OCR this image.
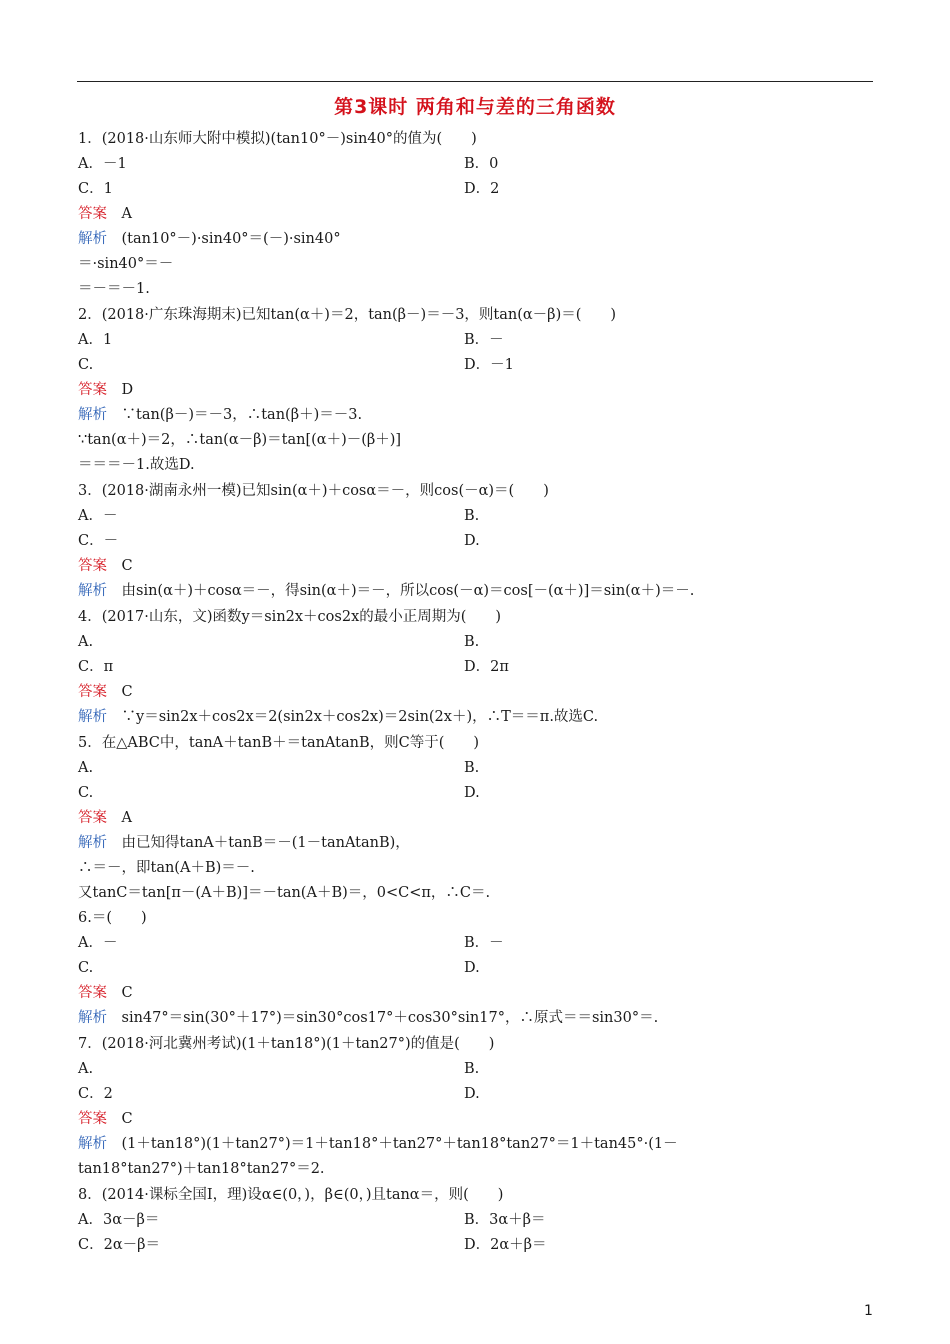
第3课时 两角和与差的三角函数
1．(2018·山东师大附中模拟)(tan10°－)sin40°的值为(　　)
A．－1	B．0
C．1	D．2
答案　 A
解析　 (tan10°－)·sin40°＝(－)·sin40°
＝·sin40°＝－
＝－＝－1.
2．(2018·广东珠海期末)已知tan(α＋)＝2，tan(β－)＝－3，则tan(α－β)＝(　　)
A．1	B．－
C.	D．－1
答案　 D
解析　 ∵tan(β－)＝－3，∴tan(β＋)＝－3.
∵tan(α＋)＝2，∴tan(α－β)＝tan[(α＋)－(β＋)]
＝＝＝－1.故选D.
3．(2018·湖南永州一模)已知sin(α＋)＋cosα＝－，则cos(－α)＝(　　)
A．－	B.
C．－	D.
答案　 C
解析　 由sin(α＋)＋cosα＝－，得sin(α＋)＝－，所以cos(－α)＝cos[－(α＋)]＝sin(α＋)＝－.
4．(2017·山东，文)函数y＝sin2x＋cos2x的最小正周期为(　　)
A.	B.
C．π	D．2π
答案　 C
解析　 ∵y＝sin2x＋cos2x＝2(sin2x＋cos2x)＝2sin(2x＋)，∴T＝＝π.故选C.
5．在△ABC中，tanA＋tanB＋＝tanAtanB，则C等于(　　)
A.	B.
C.	D.
答案　 A
解析　 由已知得tanA＋tanB＝－(1－tanAtanB)，
∴＝－，即tan(A＋B)＝－.
又tanC＝tan[π－(A＋B)]＝－tan(A＋B)＝，0<C<π，∴C＝.
6.＝(　　)
A．－	B．－
C.	D.
答案　 C
解析　 sin47°＝sin(30°＋17°)＝sin30°cos17°＋cos30°sin17°，∴原式＝＝sin30°＝.
7．(2018·河北冀州考试)(1＋tan18°)(1＋tan27°)的值是(　　)
A.	B.
C．2	D.
答案　 C
解析　 (1＋tan18°)(1＋tan27°)＝1＋tan18°＋tan27°＋tan18°tan27°＝1＋tan45°·(1－
tan18°tan27°)＋tan18°tan27°＝2.
8．(2014·课标全国Ⅰ，理)设α∈(0，)，β∈(0，)且tanα＝，则(　　)
A．3α－β＝	B．3α＋β＝
C．2α－β＝	D．2α＋β＝
1
